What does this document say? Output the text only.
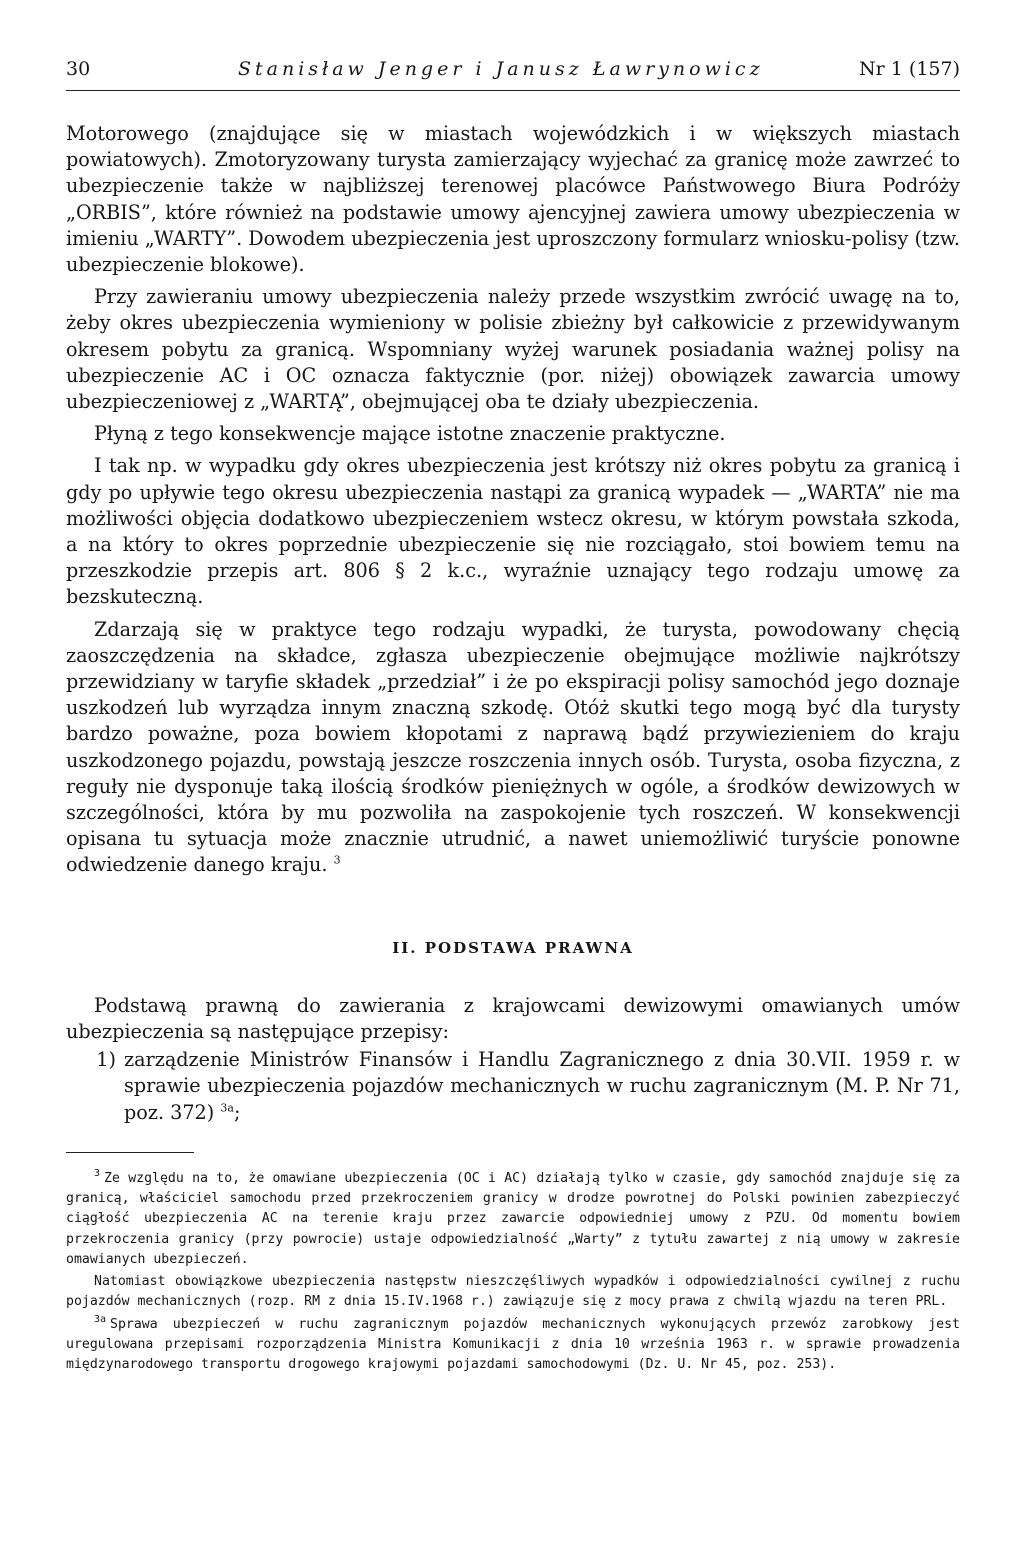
30	Stanisław Jenger i Janusz Ławrynowicz	Nr 1 (157)

Motorowego (znajdujące się w miastach wojewódzkich i w większych miastach powiatowych). Zmotoryzowany turysta zamierzający wyjechać za granicę może zawrzeć to ubezpieczenie także w najbliższej terenowej placówce Państwowego Biura Podróży „ORBIS”, które również na podstawie umowy ajencyjnej zawiera umowy ubezpieczenia w imieniu „WARTY”. Dowodem ubezpieczenia jest uproszczony formularz wniosku-polisy (tzw. ubezpieczenie blokowe).

Przy zawieraniu umowy ubezpieczenia należy przede wszystkim zwrócić uwagę na to, żeby okres ubezpieczenia wymieniony w polisie zbieżny był całkowicie z przewidywanym okresem pobytu za granicą. Wspomniany wyżej warunek posiadania ważnej polisy na ubezpieczenie AC i OC oznacza faktycznie (por. niżej) obowiązek zawarcia umowy ubezpieczeniowej z „WARTĄ”, obejmującej oba te działy ubezpieczenia.

Płyną z tego konsekwencje mające istotne znaczenie praktyczne.

I tak np. w wypadku gdy okres ubezpieczenia jest krótszy niż okres pobytu za granicą i gdy po upływie tego okresu ubezpieczenia nastąpi za granicą wypadek — „WARTA” nie ma możliwości objęcia dodatkowo ubezpieczeniem wstecz okresu, w którym powstała szkoda, a na który to okres poprzednie ubezpieczenie się nie rozciągało, stoi bowiem temu na przeszkodzie przepis art. 806 § 2 k.c., wyraźnie uznający tego rodzaju umowę za bezskuteczną.

Zdarzają się w praktyce tego rodzaju wypadki, że turysta, powodowany chęcią zaoszczędzenia na składce, zgłasza ubezpieczenie obejmujące możliwie najkrótszy przewidziany w taryfie składek „przedział” i że po ekspiracji polisy samochód jego doznaje uszkodzeń lub wyrządza innym znaczną szkodę. Otóż skutki tego mogą być dla turysty bardzo poważne, poza bowiem kłopotami z naprawą bądź przywiezieniem do kraju uszkodzonego pojazdu, powstają jeszcze roszczenia innych osób. Turysta, osoba fizyczna, z reguły nie dysponuje taką ilością środków pieniężnych w ogóle, a środków dewizowych w szczególności, która by mu pozwoliła na zaspokojenie tych roszczeń. W konsekwencji opisana tu sytuacja może znacznie utrudnić, a nawet uniemożliwić turyście ponowne odwiedzenie danego kraju. $^3$

II. PODSTAWA PRAWNA

Podstawą prawną do zawierania z krajowcami dewizowymi omawianych umów ubezpieczenia są następujące przepisy:

1) zarządzenie Ministrów Finansów i Handlu Zagranicznego z dnia 30.VII. 1959 r. w sprawie ubezpieczenia pojazdów mechanicznych w ruchu zagranicznym (M. P. Nr 71, poz. 372) $^{3a}$;

$^3$ Ze względu na to, że omawiane ubezpieczenia (OC i AC) działają tylko w czasie, gdy samochód znajduje się za granicą, właściciel samochodu przed przekroczeniem granicy w drodze powrotnej do Polski powinien zabezpieczyć ciągłość ubezpieczenia AC na terenie kraju przez zawarcie odpowiedniej umowy z PZU. Od momentu bowiem przekroczenia granicy (przy powrocie) ustaje odpowiedzialność „Warty” z tytułu zawartej z nią umowy w zakresie omawianych ubezpieczeń.

Natomiast obowiązkowe ubezpieczenia następstw nieszczęśliwych wypadków i odpowiedzialności cywilnej z ruchu pojazdów mechanicznych (rozp. RM z dnia 15.IV.1968 r.) zawiązuje się z mocy prawa z chwilą wjazdu na teren PRL.

$^{3a}$ Sprawa ubezpieczeń w ruchu zagranicznym pojazdów mechanicznych wykonujących przewóz zarobkowy jest uregulowana przepisami rozporządzenia Ministra Komunikacji z dnia 10 września 1963 r. w sprawie prowadzenia międzynarodowego transportu drogowego krajowymi pojazdami samochodowymi (Dz. U. Nr 45, poz. 253).
